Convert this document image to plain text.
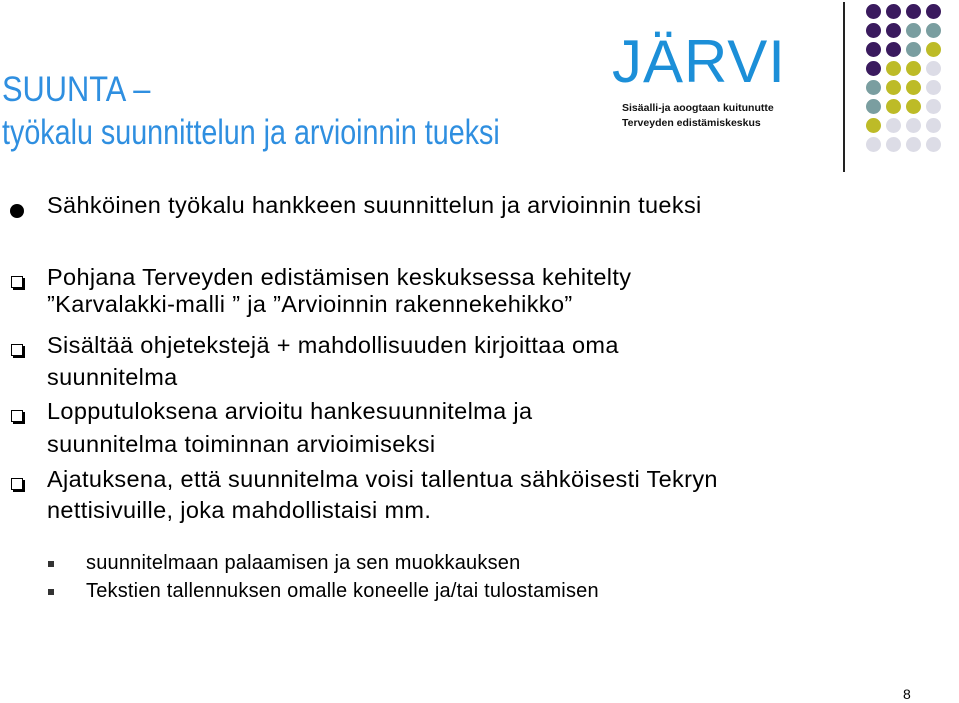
SUUNTA –
työkalu suunnittelun ja arvioinnin tueksi
JÄRVI
Sisäalli-ja aoogtaan kuitunutte
Terveyden edistämiskeskus
Sähköinen työkalu hankkeen suunnittelun ja arvioinnin tueksi
Pohjana Terveyden edistämisen keskuksessa kehitelty
”Karvalakki-malli ” ja ”Arvioinnin rakennekehikko”
Sisältää ohjetekstejä + mahdollisuuden kirjoittaa oma
suunnitelma
Lopputuloksena arvioitu hankesuunnitelma ja
suunnitelma toiminnan arvioimiseksi
Ajatuksena, että suunnitelma voisi tallentua sähköisesti Tekryn
nettisivuille, joka mahdollistaisi mm.
suunnitelmaan palaamisen ja sen muokkauksen
Tekstien tallennuksen omalle koneelle ja/tai tulostamisen
8
